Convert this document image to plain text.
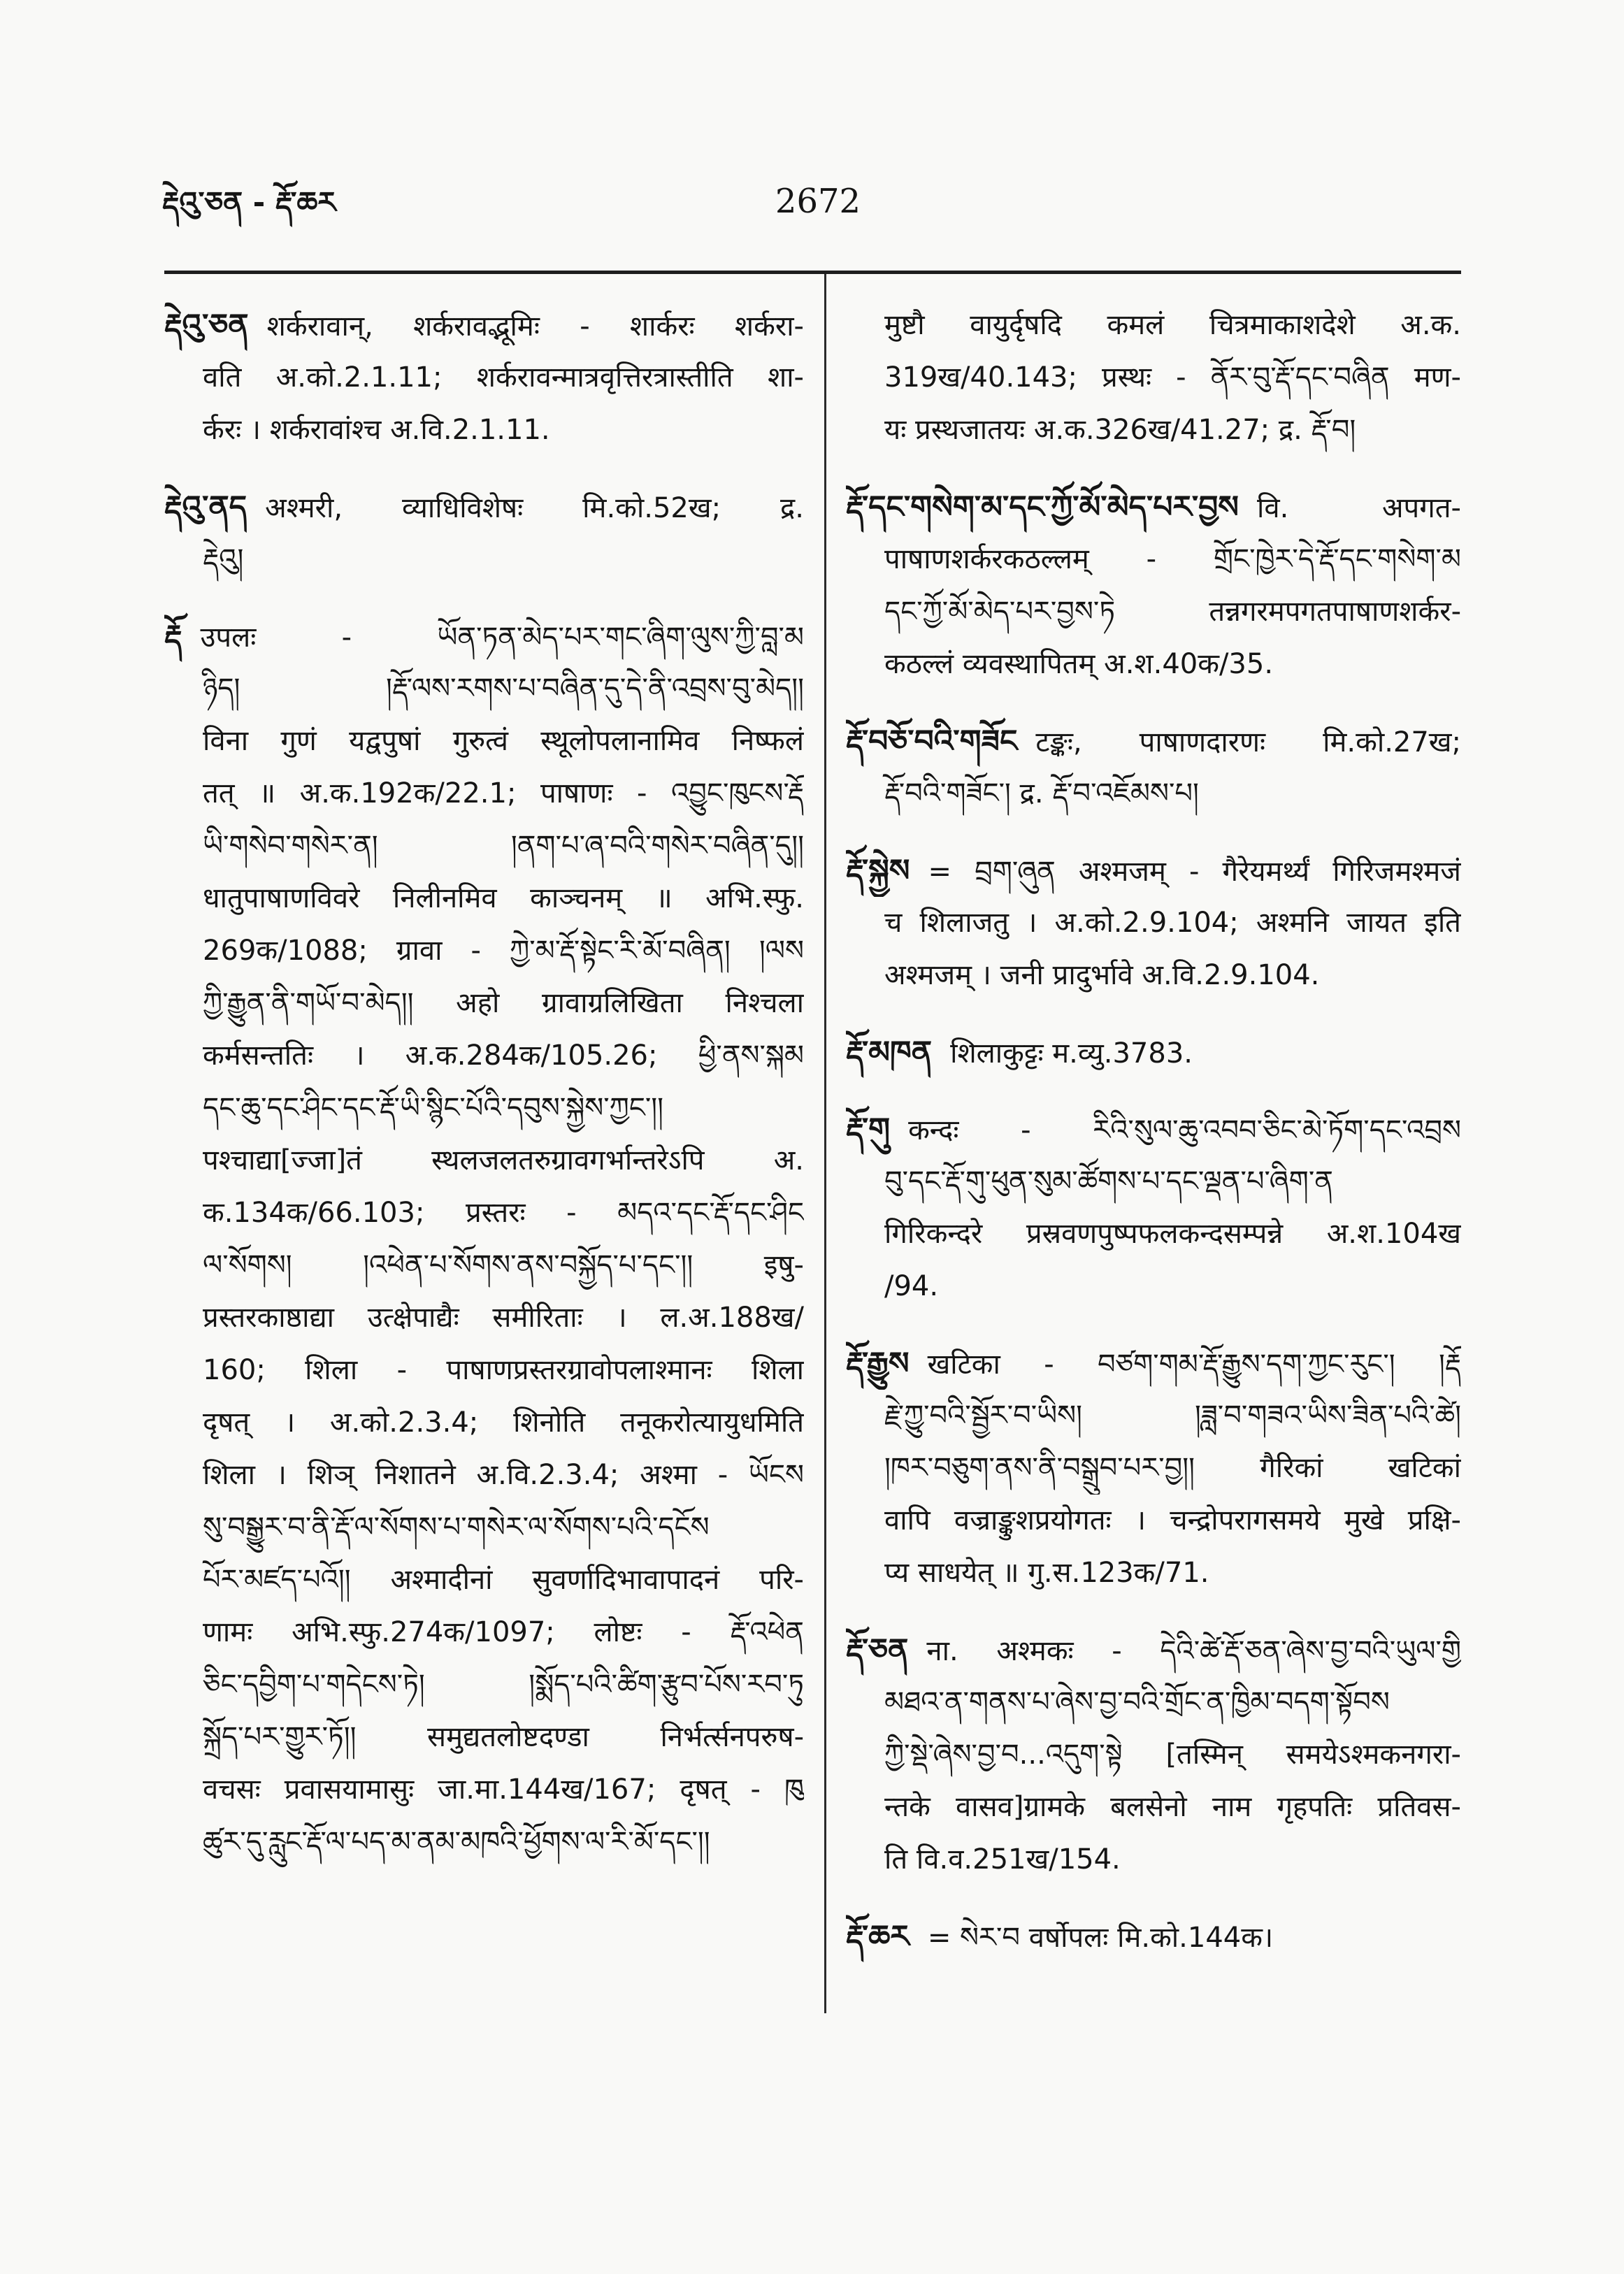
རྡེའུ་ཅན - རྡོ་ཆར	2672
རྡེའུ་ཅན शर्करावान्, शर्करावद्भूमिः - शार्करः शर्करा-
वति अ.को.2.1.11; शर्करावन्मात्रवृत्तिरत्रास्तीति शा-
र्करः । शर्करावांश्च अ.वि.2.1.11.
རྡེའུ་ནད अश्मरी, व्याधिविशेषः मि.को.52ख; द्र.
རྡེའུ།
རྡོ उपलः - ཡོན་ཏན་མེད་པར་གང་ཞིག་ལུས་ཀྱི་བླ་མ
ཉིད། །རྡོ་ལས་རགས་པ་བཞིན་དུ་དེ་ནི་འབྲས་བུ་མེད།།
विना गुणं यद्वपुषां गुरुत्वं स्थूलोपलानामिव निष्फलं
तत् ॥ अ.क.192क/22.1; पाषाणः - འབྱུང་ཁུངས་རྡོ
ཡི་གསེབ་གསེར་ན། །ནག་པ་ཞ་བའི་གསེར་བཞིན་དུ།།
धातुपाषाणविवरे निलीनमिव काञ्चनम् ॥ अभि.स्फु.
269क/1088; ग्रावा - ཀྱེ་མ་རྡོ་སྟེང་རི་མོ་བཞིན། །ལས
ཀྱི་རྒྱུན་ནི་གཡོ་བ་མེད།། अहो ग्रावाग्रलिखिता निश्चला
कर्मसन्ततिः । अ.क.284क/105.26; ཕྱི་ནས་སྐམ
དང་ཆུ་དང་ཤིང་དང་རྡོ་ཡི་སྙིང་པོའི་དབུས་སྐྱེས་ཀྱང་།།
पश्चाद्या[ज्जा]तं स्थलजलतरुग्रावगर्भान्तरेऽपि अ.
क.134क/66.103; प्रस्तरः - མདའ་དང་རྡོ་དང་ཤིང
ལ་སོགས། །འཕེན་པ་སོགས་ནས་བསྐྱོད་པ་དང་།། इषु-
प्रस्तरकाष्ठाद्या उत्क्षेपाद्यैः समीरिताः । ल.अ.188ख/
160; शिला - पाषाणप्रस्तरग्रावोपलाश्मानः शिला
दृषत् । अ.को.2.3.4; शिनोति तनूकरोत्यायुधमिति
शिला । शिञ् निशातने अ.वि.2.3.4; अश्मा - ཡོངས
སུ་བསྒྱུར་བ་ནི་རྡོ་ལ་སོགས་པ་གསེར་ལ་སོགས་པའི་དངོས
པོར་མཛད་པའོ།། अश्मादीनां सुवर्णादिभावापादनं परि-
णामः अभि.स्फु.274क/1097; लोष्टः - རྡོ་འཕེན
ཅིང་དབྱིག་པ་གདེངས་ཏེ། །སྨོད་པའི་ཚིག་རྩུབ་པོས་རབ་ཏུ
སྐྲོད་པར་གྱུར་ཏོ།། समुद्यतलोष्टदण्डा निर्भर्त्सनपरुष-
वचसः प्रवासयामासुः जा.मा.144ख/167; दृषत् - ཁུ
ཚུར་དུ་རླུང་རྡོ་ལ་པད་མ་ནམ་མཁའི་ཕྱོགས་ལ་རི་མོ་དང་།།
मुष्टौ वायुर्दृषदि कमलं चित्रमाकाशदेशे अ.क.
319ख/40.143; प्रस्थः - ནོར་བུ་རྡོ་དང་བཞིན मण-
यः प्रस्थजातयः अ.क.326ख/41.27; द्र. རྡོ་བ།
རྡོ་དང་གསེག་མ་དང་ཀྱོ་མོ་མེད་པར་བྱས वि. अपगत-
पाषाणशर्करकठल्लम् - གྲོང་ཁྱེར་དེ་རྡོ་དང་གསེག་མ
དང་ཀྱོ་མོ་མེད་པར་བྱས་ཏེ तन्नगरमपगतपाषाणशर्कर-
कठल्लं व्यवस्थापितम् अ.श.40क/35.
རྡོ་བཅོ་བའི་གཟོང टङ्कः, पाषाणदारणः मि.को.27ख;
རྡོ་བའི་གཟོང་། द्र. རྡོ་བ་འཇོམས་པ།
རྡོ་སྐྱེས = བྲག་ཞུན अश्मजम् - गैरेयमर्थ्यं गिरिजमश्मजं
च शिलाजतु । अ.को.2.9.104; अश्मनि जायत इति
अश्मजम् । जनी प्रादुर्भावे अ.वि.2.9.104.
རྡོ་མཁན शिलाकुट्टः म.व्यु.3783.
རྡོ་གུ कन्दः - རིའི་སུལ་ཆུ་འབབ་ཅིང་མེ་ཏོག་དང་འབྲས
བུ་དང་རྡོ་གུ་ཕུན་སུམ་ཚོགས་པ་དང་ལྡན་པ་ཞིག་ན
गिरिकन्दरे प्रस्रवणपुष्पफलकन्दसम्पन्ने अ.श.104ख
/94.
རྡོ་རྒྱུས खटिका - བཙག་གམ་རྡོ་རྒྱུས་དག་ཀྱང་རུང་། །རྡོ
རྗེ་ཀྱུ་བའི་སྦྱོར་བ་ཡིས། །ཟླ་བ་གཟའ་ཡིས་ཟིན་པའི་ཚེ།
།ཁར་བཅུག་ནས་ནི་བསྒྲུབ་པར་བྱ།། गैरिकां खटिकां
वापि वज्राङ्कुशप्रयोगतः । चन्द्रोपरागसमये मुखे प्रक्षि-
प्य साधयेत् ॥ गु.स.123क/71.
རྡོ་ཅན ना. अश्मकः - དེའི་ཚེ་རྡོ་ཅན་ཞེས་བྱ་བའི་ཡུལ་གྱི
མཐའ་ན་གནས་པ་ཞེས་བྱ་བའི་གྲོང་ན་ཁྱིམ་བདག་སྟོབས
ཀྱི་སྡེ་ཞེས་བྱ་བ...འདུག་སྟེ [तस्मिन् समयेऽश्मकनगरा-
न्तके वासव]ग्रामके बलसेनो नाम गृहपतिः प्रतिवस-
ति वि.व.251ख/154.
རྡོ་ཆར = སེར་བ वर्षोपलः मि.को.144क।
